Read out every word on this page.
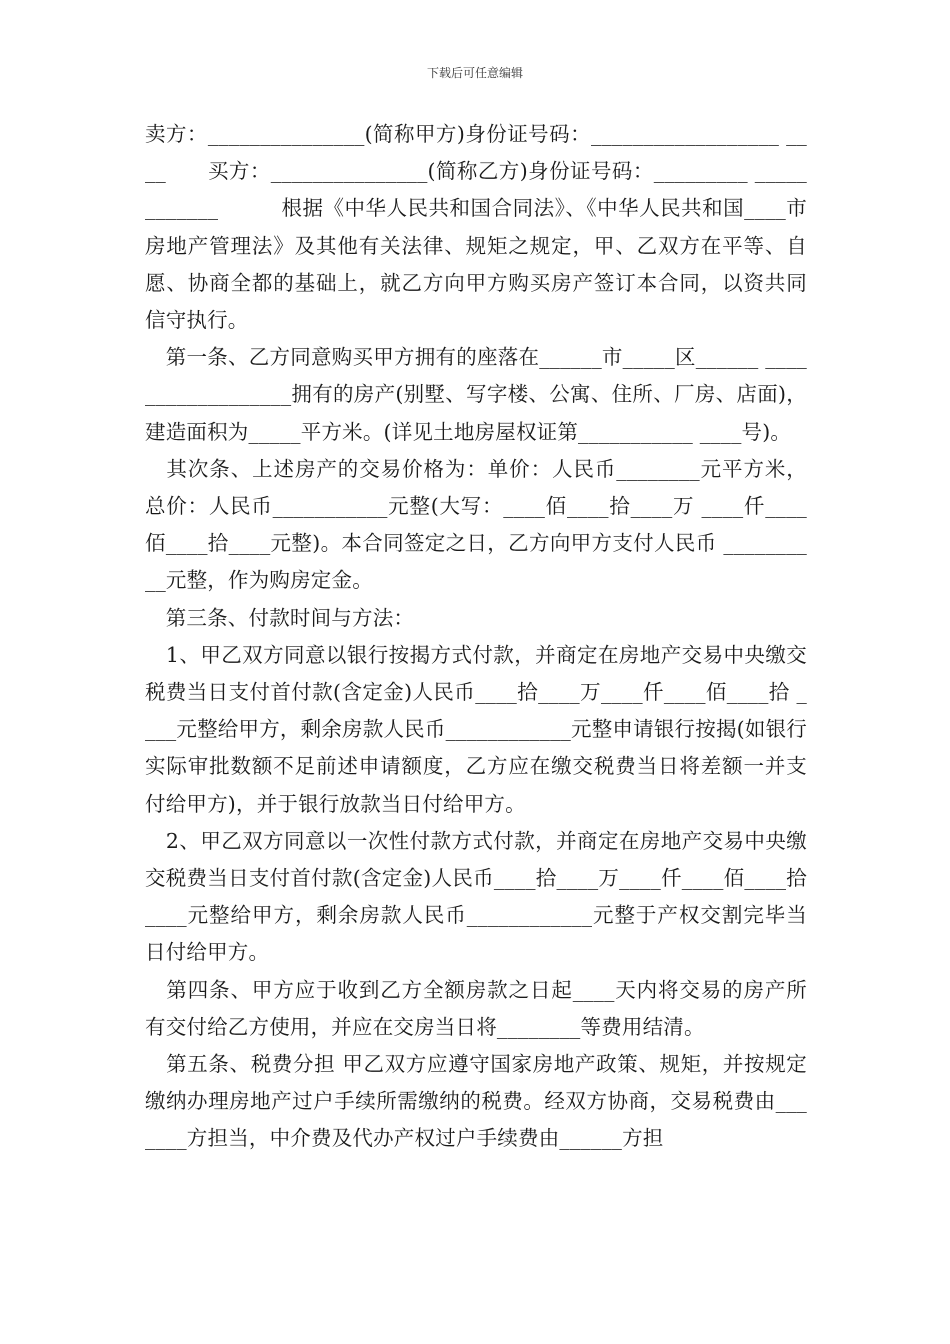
下载后可任意编辑

卖方：_______________(简称甲方)身份证号码：__________________ ____　　买方：_______________(简称乙方)身份证号码：_________ ____________　　　根据《中华人民共和国合同法》、《中华人民共和国____市房地产管理法》及其他有关法律、规矩之规定，甲、乙双方在平等、自愿、协商全都的基础上，就乙方向甲方购买房产签订本合同，以资共同信守执行。

　第一条、乙方同意购买甲方拥有的座落在______市_____区______ __________________拥有的房产(别墅、写字楼、公寓、住所、厂房、店面)，建造面积为_____平方米。(详见土地房屋权证第___________ ____号)。

　其次条、上述房产的交易价格为：单价：人民币________元平方米，总价：人民币___________元整(大写：____佰____拾____万 ____仟____佰____拾____元整)。本合同签定之日，乙方向甲方支付人民币 __________元整，作为购房定金。

　第三条、付款时间与方法：

　1、甲乙双方同意以银行按揭方式付款，并商定在房地产交易中央缴交税费当日支付首付款(含定金)人民币____拾____万____仟____佰____拾 ____元整给甲方，剩余房款人民币____________元整申请银行按揭(如银行实际审批数额不足前述申请额度，乙方应在缴交税费当日将差额一并支付给甲方)，并于银行放款当日付给甲方。

　2、甲乙双方同意以一次性付款方式付款，并商定在房地产交易中央缴交税费当日支付首付款(含定金)人民币____拾____万____仟____佰____拾____元整给甲方，剩余房款人民币____________元整于产权交割完毕当日付给甲方。

　第四条、甲方应于收到乙方全额房款之日起____天内将交易的房产所有交付给乙方使用，并应在交房当日将________等费用结清。

　第五条、税费分担 甲乙双方应遵守国家房地产政策、规矩，并按规定缴纳办理房地产过户手续所需缴纳的税费。经双方协商，交易税费由_______方担当，中介费及代办产权过户手续费由______方担
